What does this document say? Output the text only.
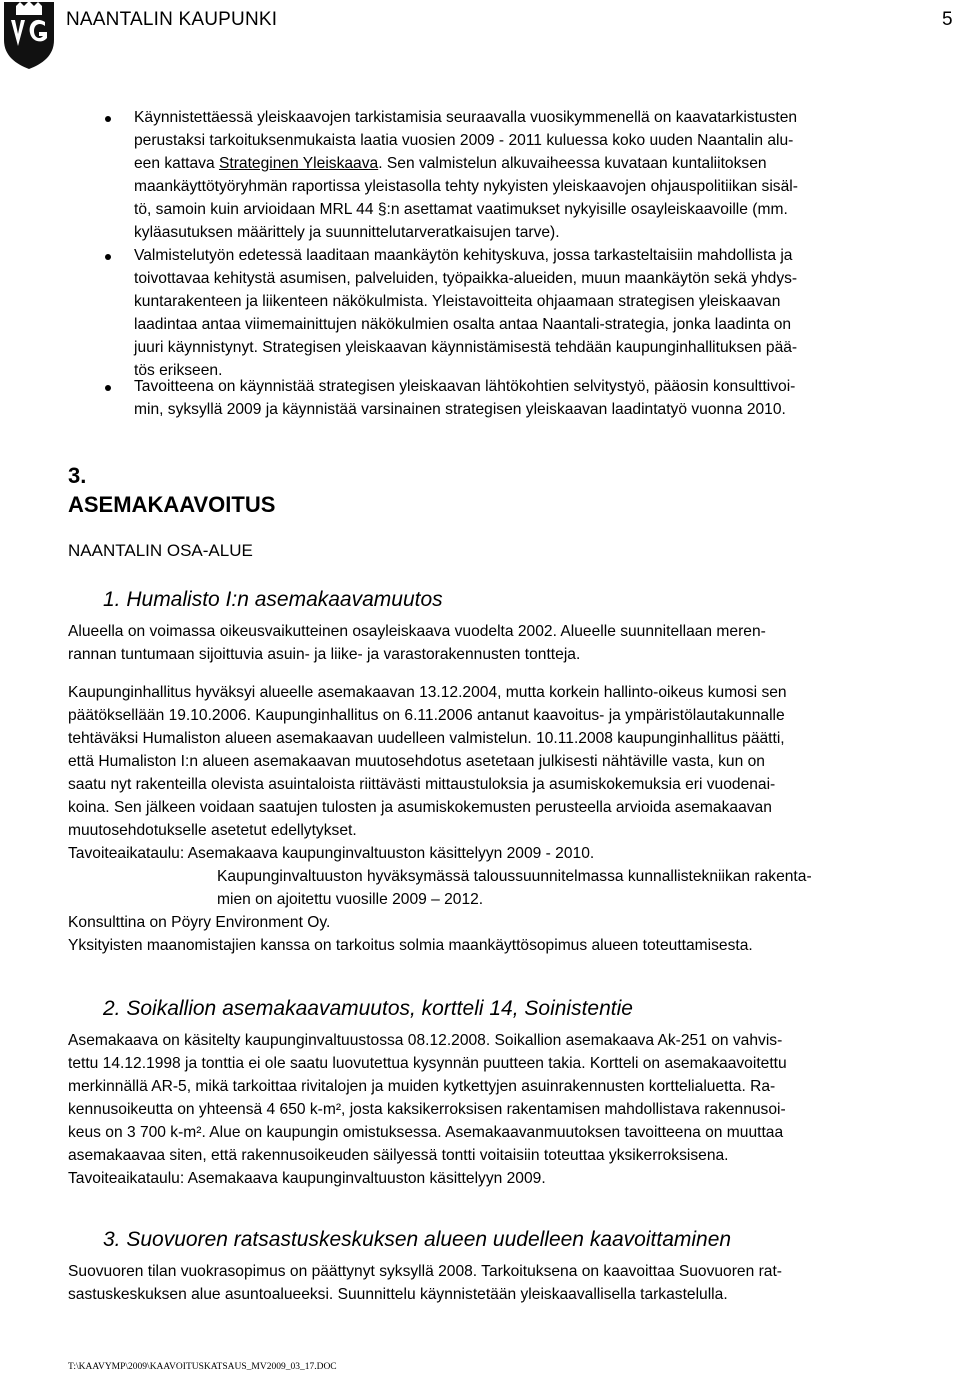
NAANTALIN KAUPUNKI	5

Käynnistettäessä yleiskaavojen tarkistamisia seuraavalla vuosikymmenellä on kaavatarkistusten

perustaksi tarkoituksenmukaista laatia vuosien 2009 - 2011 kuluessa koko uuden Naantalin alu-

een kattava Strateginen Yleiskaava. Sen valmistelun alkuvaiheessa kuvataan kuntaliitoksen

maankäyttötyöryhmän raportissa yleistasolla tehty nykyisten yleiskaavojen ohjauspolitiikan sisäl-

tö, samoin kuin arvioidaan MRL 44 §:n asettamat vaatimukset nykyisille osayleiskaavoille (mm.

kyläasutuksen määrittely ja suunnittelutarveratkaisujen tarve).

Valmistelutyön edetessä laaditaan maankäytön kehityskuva, jossa tarkasteltaisiin mahdollista ja

toivottavaa kehitystä asumisen, palveluiden, työpaikka-alueiden, muun maankäytön sekä yhdys-

kuntarakenteen ja liikenteen näkökulmista. Yleistavoitteita ohjaamaan strategisen yleiskaavan

laadintaa antaa viimemainittujen näkökulmien osalta antaa Naantali-strategia, jonka laadinta on

juuri käynnistynyt. Strategisen yleiskaavan käynnistämisestä tehdään kaupunginhallituksen pää-

tös erikseen.

Tavoitteena on käynnistää strategisen yleiskaavan lähtökohtien selvitystyö, pääosin konsulttivoi-

min, syksyllä 2009 ja käynnistää varsinainen strategisen yleiskaavan laadintatyö vuonna 2010.

3.
ASEMAKAAVOITUS
NAANTALIN OSA-ALUE
1. Humalisto I:n asemakaavamuutos

Alueella on voimassa oikeusvaikutteinen osayleiskaava vuodelta 2002. Alueelle suunnitellaan meren-

rannan tuntumaan sijoittuvia asuin- ja liike- ja varastorakennusten tontteja.

Kaupunginhallitus hyväksyi alueelle asemakaavan 13.12.2004, mutta korkein hallinto-oikeus kumosi sen

päätöksellään 19.10.2006. Kaupunginhallitus on 6.11.2006 antanut kaavoitus- ja ympäristölautakunnalle

tehtäväksi Humaliston alueen asemakaavan uudelleen valmistelun. 10.11.2008 kaupunginhallitus päätti,

että Humaliston I:n alueen asemakaavan muutosehdotus asetetaan julkisesti nähtäville vasta, kun on

saatu nyt rakenteilla olevista asuintaloista riittävästi mittaustuloksia ja asumiskokemuksia eri vuodenai-

koina. Sen jälkeen voidaan saatujen tulosten ja asumiskokemusten perusteella arvioida asemakaavan

muutosehdotukselle asetetut edellytykset.

Tavoiteaikataulu: Asemakaava kaupunginvaltuuston käsittelyyn 2009 - 2010.

Kaupunginvaltuuston hyväksymässä taloussuunnitelmassa kunnallistekniikan rakenta-

mien on ajoitettu vuosille 2009 – 2012.

Konsulttina on Pöyry Environment Oy.

Yksityisten maanomistajien kanssa on tarkoitus solmia maankäyttösopimus alueen toteuttamisesta.

2. Soikallion asemakaavamuutos, kortteli 14, Soinistentie

Asemakaava on käsitelty kaupunginvaltuustossa 08.12.2008. Soikallion asemakaava Ak-251 on vahvis-

tettu 14.12.1998 ja tonttia ei ole saatu luovutettua kysynnän puutteen takia. Kortteli on asemakaavoitettu

merkinnällä AR-5, mikä tarkoittaa rivitalojen ja muiden kytkettyjen asuinrakennusten korttelialuetta. Ra-

kennusoikeutta on yhteensä 4 650 k-m², josta kaksikerroksisen rakentamisen mahdollistava rakennusoi-

keus on 3 700 k-m². Alue on kaupungin omistuksessa. Asemakaavanmuutoksen tavoitteena on muuttaa

asemakaavaa siten, että rakennusoikeuden säilyessä tontti voitaisiin toteuttaa yksikerroksisena.

Tavoiteaikataulu: Asemakaava kaupunginvaltuuston käsittelyyn 2009.

3. Suovuoren ratsastuskeskuksen alueen uudelleen kaavoittaminen

Suovuoren tilan vuokrasopimus on päättynyt syksyllä 2008. Tarkoituksena on kaavoittaa Suovuoren rat-

sastuskeskuksen alue asuntoalueeksi. Suunnittelu käynnistetään yleiskaavallisella tarkastelulla.

T:\KAAVYMP\2009\KAAVOITUSKATSAUS_MV2009_03_17.DOC
